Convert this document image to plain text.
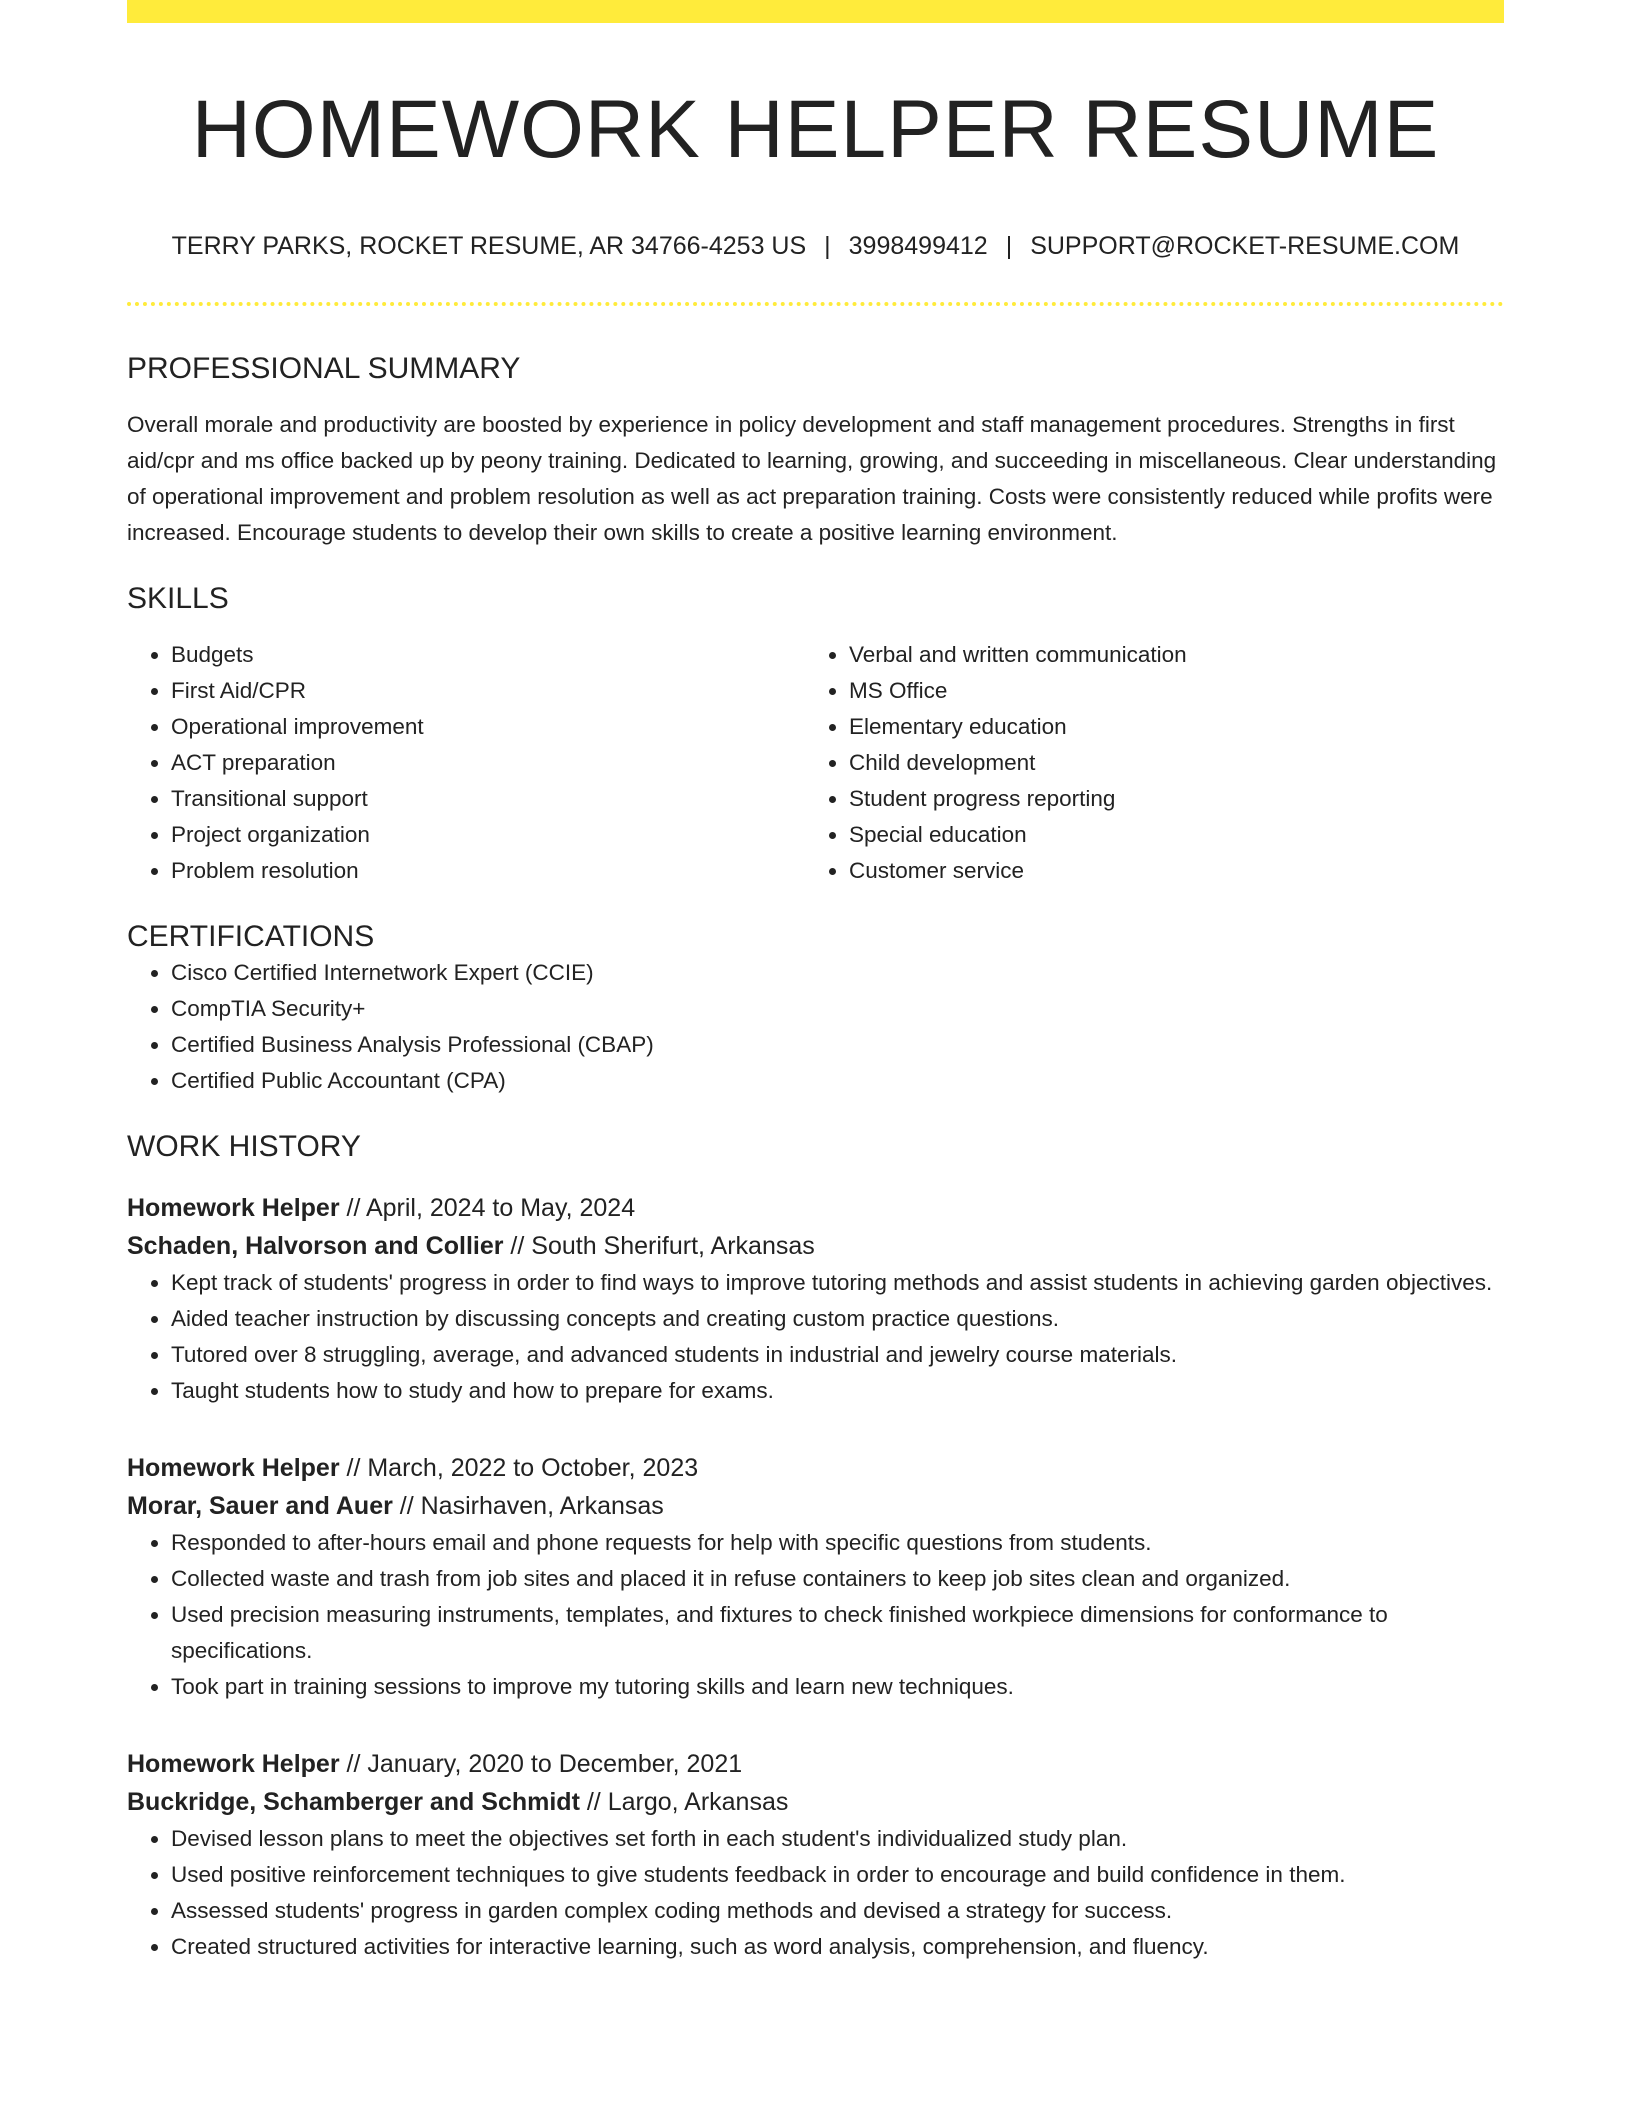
HOMEWORK HELPER RESUME
TERRY PARKS, ROCKET RESUME, AR 34766-4253 US | 3998499412 | SUPPORT@ROCKET-RESUME.COM
PROFESSIONAL SUMMARY

Overall morale and productivity are boosted by experience in policy development and staff management procedures. Strengths in first aid/cpr and ms office backed up by peony training. Dedicated to learning, growing, and succeeding in miscellaneous. Clear understanding of operational improvement and problem resolution as well as act preparation training. Costs were consistently reduced while profits were increased. Encourage students to develop their own skills to create a positive learning environment.

SKILLS
• Budgets
• First Aid/CPR
• Operational improvement
• ACT preparation
• Transitional support
• Project organization
• Problem resolution
• Verbal and written communication
• MS Office
• Elementary education
• Child development
• Student progress reporting
• Special education
• Customer service
CERTIFICATIONS
• Cisco Certified Internetwork Expert (CCIE)
• CompTIA Security+
• Certified Business Analysis Professional (CBAP)
• Certified Public Accountant (CPA)
WORK HISTORY
Homework Helper // April, 2024 to May, 2024
Schaden, Halvorson and Collier // South Sherifurt, Arkansas
• Kept track of students' progress in order to find ways to improve tutoring methods and assist students in achieving garden objectives.
• Aided teacher instruction by discussing concepts and creating custom practice questions.
• Tutored over 8 struggling, average, and advanced students in industrial and jewelry course materials.
• Taught students how to study and how to prepare for exams.
Homework Helper // March, 2022 to October, 2023
Morar, Sauer and Auer // Nasirhaven, Arkansas
• Responded to after-hours email and phone requests for help with specific questions from students.
• Collected waste and trash from job sites and placed it in refuse containers to keep job sites clean and organized.
• Used precision measuring instruments, templates, and fixtures to check finished workpiece dimensions for conformance to specifications.
• Took part in training sessions to improve my tutoring skills and learn new techniques.
Homework Helper // January, 2020 to December, 2021
Buckridge, Schamberger and Schmidt // Largo, Arkansas
• Devised lesson plans to meet the objectives set forth in each student's individualized study plan.
• Used positive reinforcement techniques to give students feedback in order to encourage and build confidence in them.
• Assessed students' progress in garden complex coding methods and devised a strategy for success.
• Created structured activities for interactive learning, such as word analysis, comprehension, and fluency.
